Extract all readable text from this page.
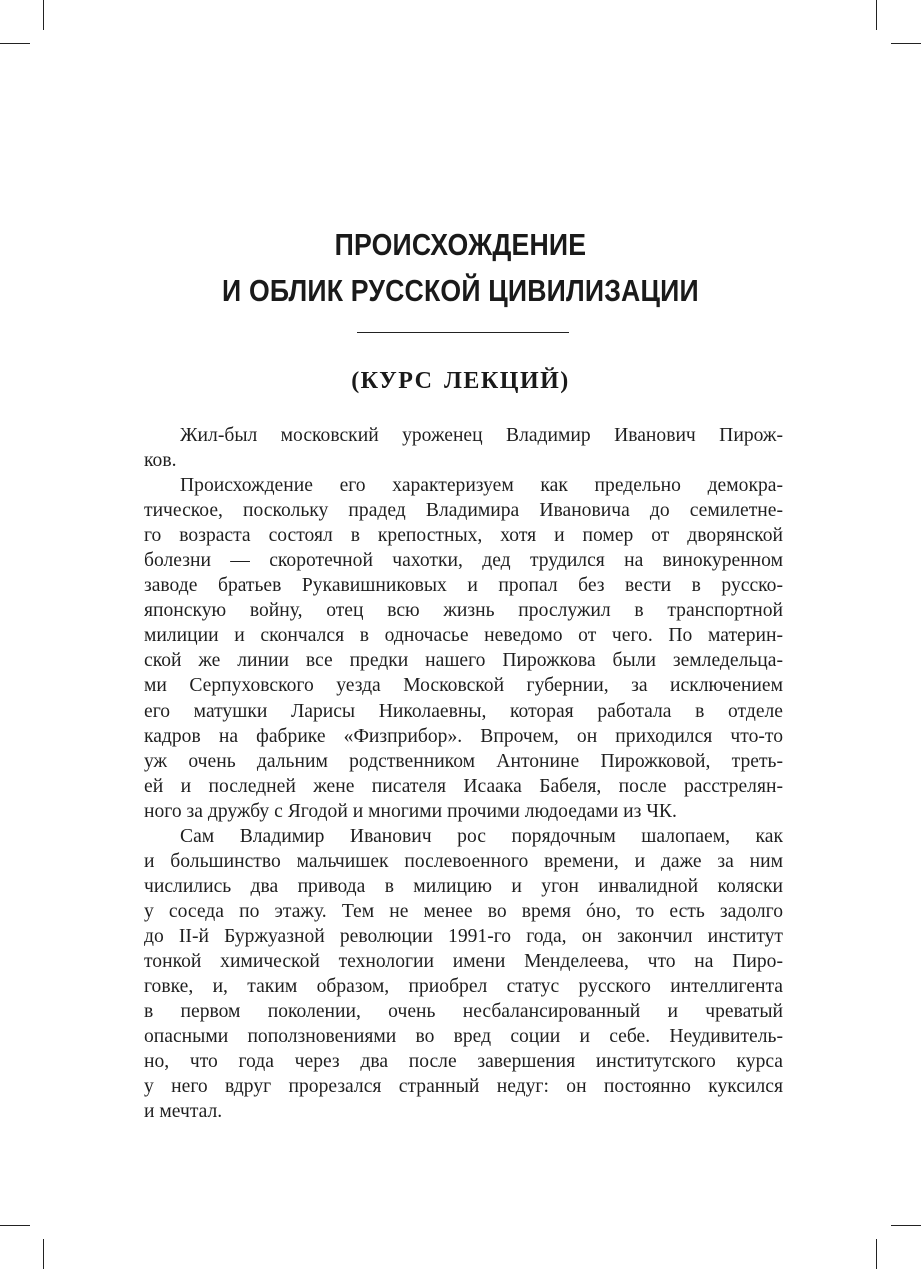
ПРОИСХОЖДЕНИЕ
И ОБЛИК РУССКОЙ ЦИВИЛИЗАЦИИ
(КУРС ЛЕКЦИЙ)
Жил-был московский уроженец Владимир Иванович Пирож-
ков.
Происхождение его характеризуем как предельно демокра-
тическое, поскольку прадед Владимира Ивановича до семилетне-
го возраста состоял в крепостных, хотя и помер от дворянской
болезни — скоротечной чахотки, дед трудился на винокуренном
заводе братьев Рукавишниковых и пропал без вести в русско-
японскую войну, отец всю жизнь прослужил в транспортной
милиции и скончался в одночасье неведомо от чего. По материн-
ской же линии все предки нашего Пирожкова были земледельца-
ми Серпуховского уезда Московской губернии, за исключением
его матушки Ларисы Николаевны, которая работала в отделе
кадров на фабрике «Физприбор». Впрочем, он приходился что-то
уж очень дальним родственником Антонине Пирожковой, треть-
ей и последней жене писателя Исаака Бабеля, после расстрелян-
ного за дружбу с Ягодой и многими прочими людоедами из ЧК.
Сам Владимир Иванович рос порядочным шалопаем, как
и большинство мальчишек послевоенного времени, и даже за ним
числились два привода в милицию и угон инвалидной коляски
у соседа по этажу. Тем не менее во время óно, то есть задолго
до II-й Буржуазной революции 1991-го года, он закончил институт
тонкой химической технологии имени Менделеева, что на Пиро-
говке, и, таким образом, приобрел статус русского интеллигента
в первом поколении, очень несбалансированный и чреватый
опасными поползновениями во вред соции и себе. Неудивитель-
но, что года через два после завершения институтского курса
у него вдруг прорезался странный недуг: он постоянно куксился
и мечтал.
